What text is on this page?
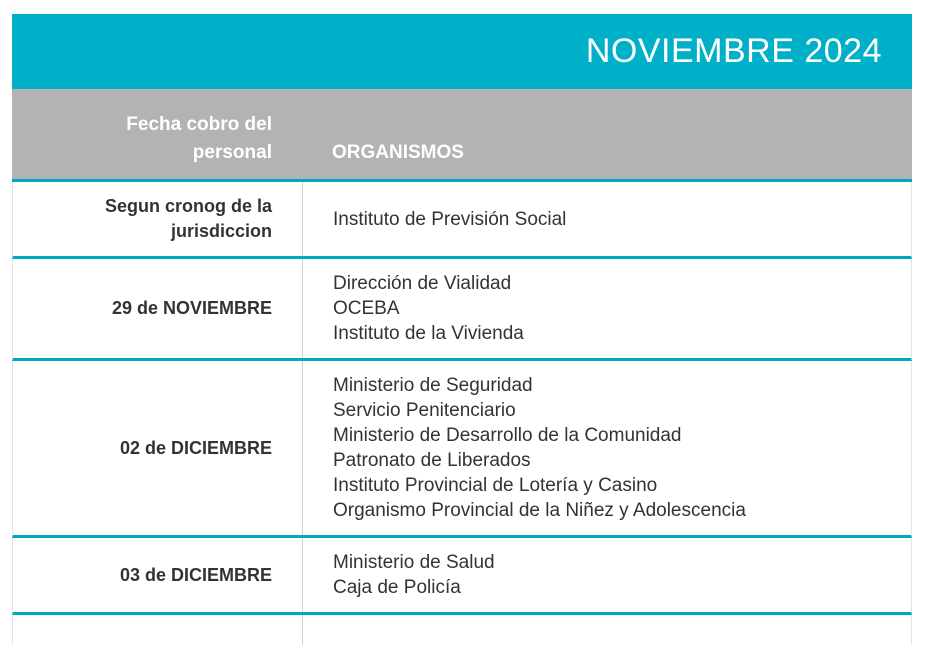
NOVIEMBRE 2024
Fecha cobro del
personal	ORGANISMOS
Segun cronog de la
jurisdiccion
Instituto de Previsión Social
29 de NOVIEMBRE
Dirección de Vialidad
OCEBA
Instituto de la Vivienda
02 de DICIEMBRE
Ministerio de Seguridad
Servicio Penitenciario
Ministerio de Desarrollo de la Comunidad
Patronato de Liberados
Instituto Provincial de Lotería y Casino
Organismo Provincial de la Niñez y Adolescencia
03 de DICIEMBRE
Ministerio de Salud
Caja de Policía
